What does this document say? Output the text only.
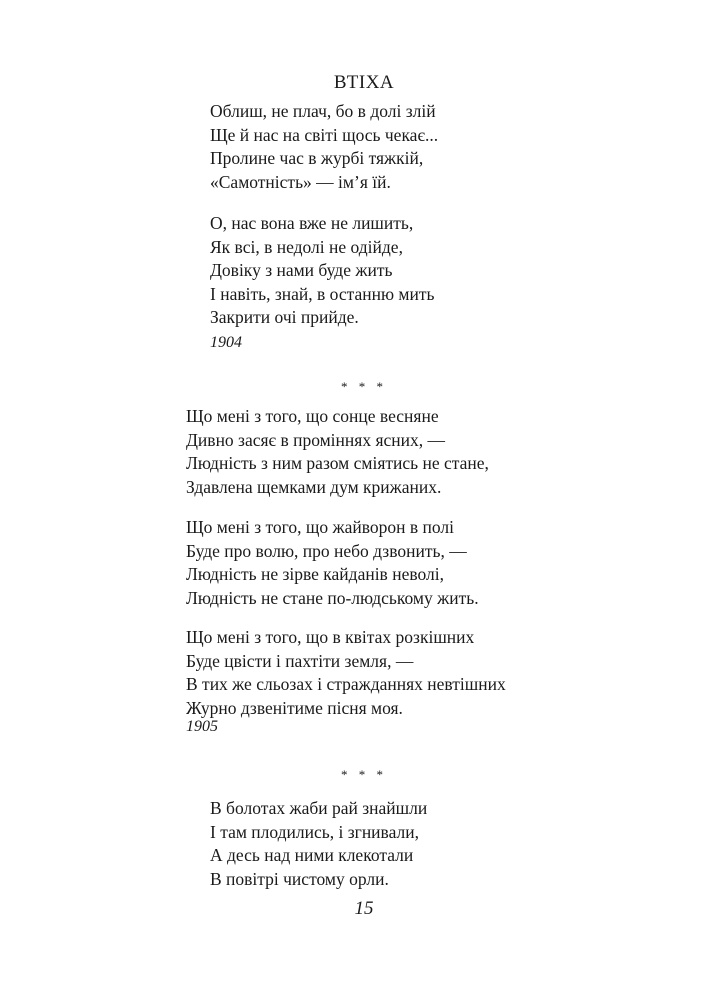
ВТІХА
Облиш, не плач, бо в долі злій
Ще й нас на світі щось чекає...
Пролине час в журбі тяжкій,
«Самотність» — ім’я їй.
О, нас вона вже не лишить,
Як всі, в недолі не одійде,
Довіку з нами буде жить
І навіть, знай, в останню мить
Закрити очі прийде.
1904
* * *
Що мені з того, що сонце весняне
Дивно засяє в проміннях ясних, —
Людність з ним разом сміятись не стане,
Здавлена щемками дум крижаних.
Що мені з того, що жайворон в полі
Буде про волю, про небо дзвонить, —
Людність не зірве кайданів неволі,
Людність не стане по-людському жить.
Що мені з того, що в квітах розкішних
Буде цвісти і пахтіти земля, —
В тих же сльозах і стражданнях невтішних
Журно дзвенітиме пісня моя.
1905
* * *
В болотах жаби рай знайшли
І там плодились, і згнивали,
А десь над ними клекотали
В повітрі чистому орли.
15
